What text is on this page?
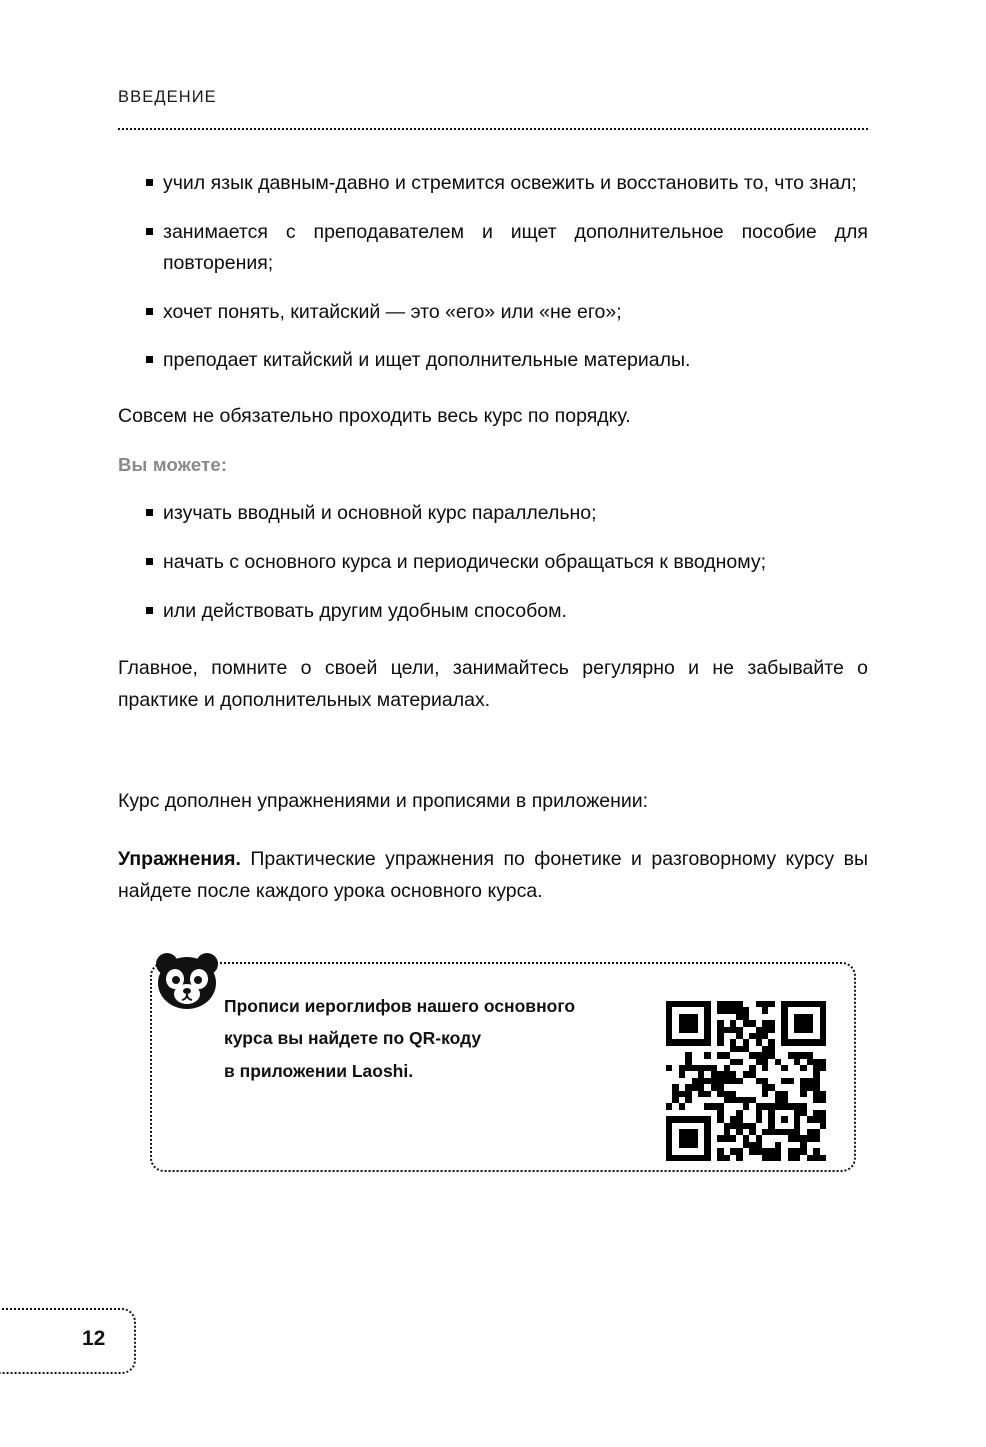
ВВЕДЕНИЕ
учил язык давным-давно и стремится освежить и восстановить то, что знал;
занимается с преподавателем и ищет дополнительное пособие для повторения;
хочет понять, китайский — это «его» или «не его»;
преподает китайский и ищет дополнительные материалы.

Совсем не обязательно проходить весь курс по порядку.

Вы можете:

изучать вводный и основной курс параллельно;
начать с основного курса и периодически обращаться к вводному;
или действовать другим удобным способом.

Главное, помните о своей цели, занимайтесь регулярно и не забывайте о практике и дополнительных материалах.

Курс дополнен упражнениями и прописями в приложении:

Упражнения. Практические упражнения по фонетике и разговорному курсу вы найдете после каждого урока основного курса.

Прописи иероглифов нашего основного
курса вы найдете по QR-коду
в приложении Laoshi.
12
